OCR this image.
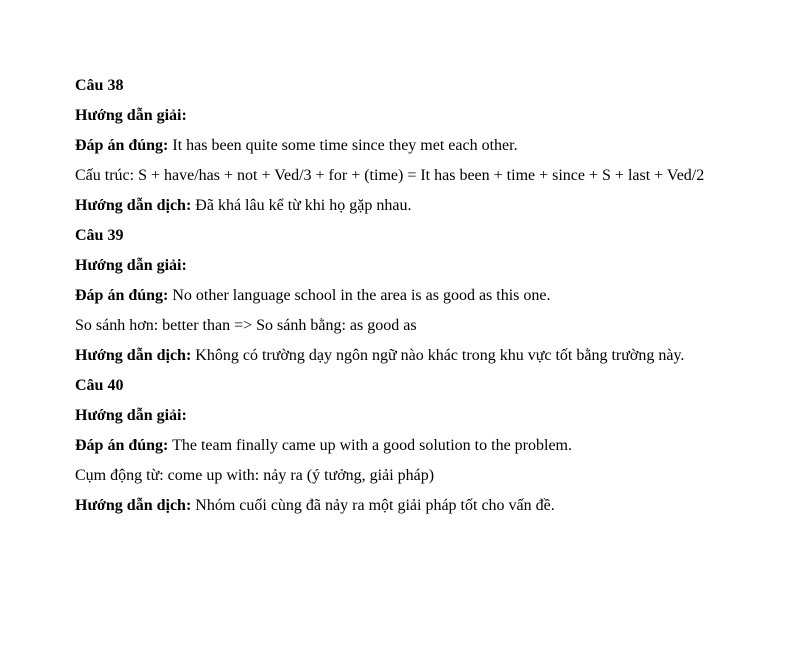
Câu 38

Hướng dẫn giải:

Đáp án đúng: It has been quite some time since they met each other.

Cấu trúc: S + have/has + not + Ved/3 + for + (time) = It has been + time + since + S + last + Ved/2

Hướng dẫn dịch: Đã khá lâu kể từ khi họ gặp nhau.

Câu 39

Hướng dẫn giải:

Đáp án đúng: No other language school in the area is as good as this one.

So sánh hơn: better than => So sánh bằng: as good as

Hướng dẫn dịch: Không có trường dạy ngôn ngữ nào khác trong khu vực tốt bằng trường này.

Câu 40

Hướng dẫn giải:

Đáp án đúng: The team finally came up with a good solution to the problem.

Cụm động từ: come up with: nảy ra (ý tưởng, giải pháp)

Hướng dẫn dịch: Nhóm cuối cùng đã nảy ra một giải pháp tốt cho vấn đề.
